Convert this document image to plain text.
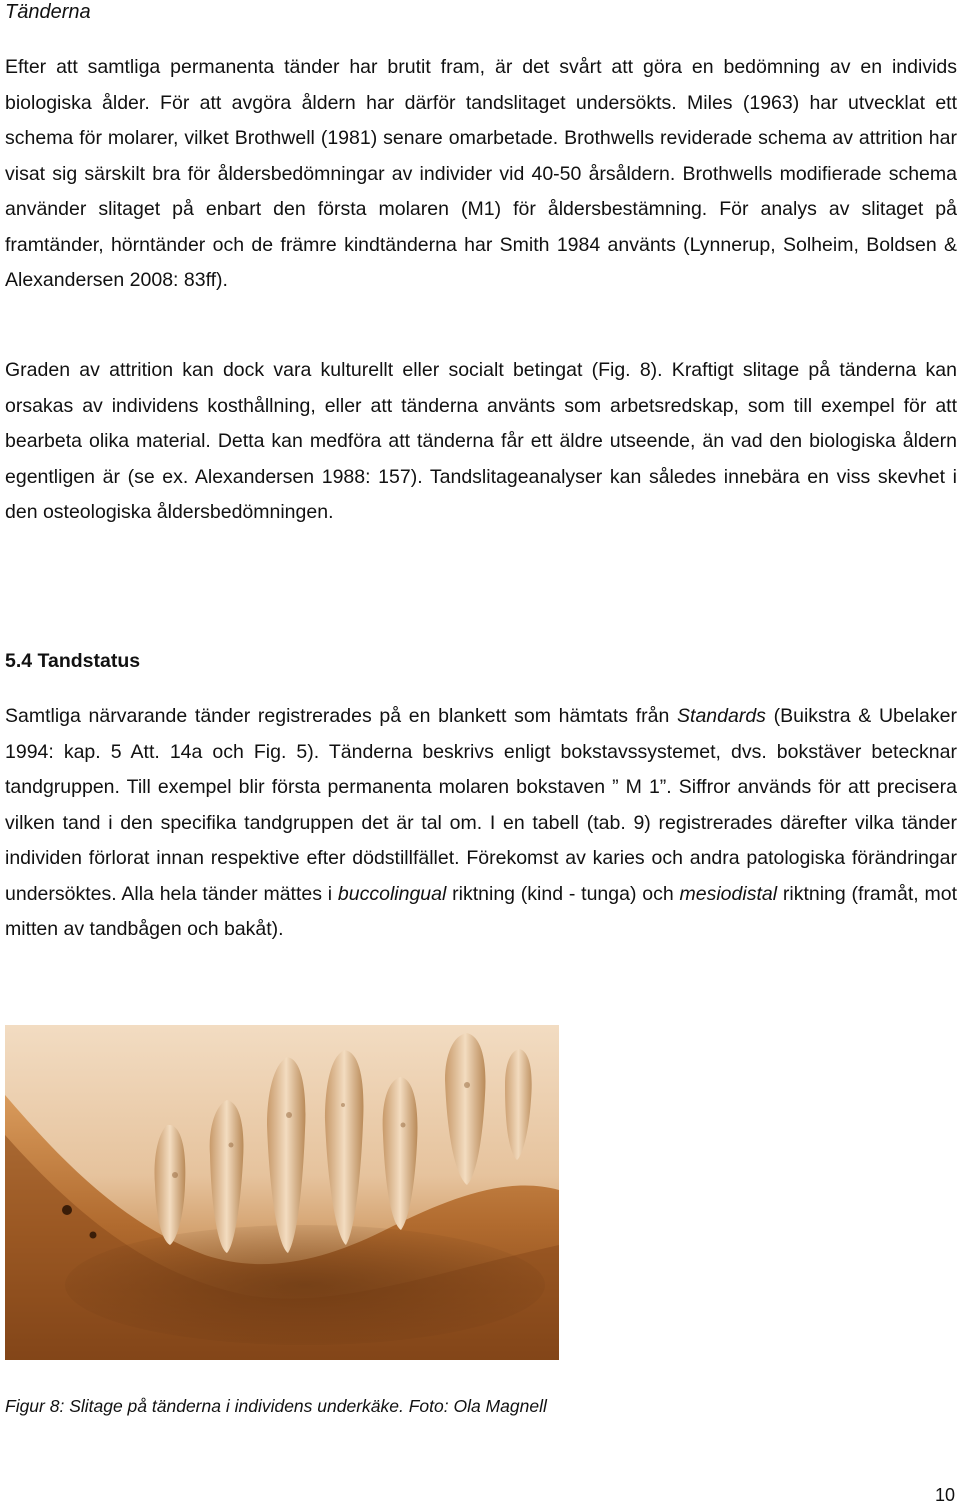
Tänderna

Efter att samtliga permanenta tänder har brutit fram, är det svårt att göra en bedömning av en individs biologiska ålder. För att avgöra åldern har därför tandslitaget undersökts. Miles (1963) har utvecklat ett schema för molarer, vilket Brothwell (1981) senare omarbetade. Brothwells reviderade schema av attrition har visat sig särskilt bra för åldersbedömningar av individer vid 40-50 årsåldern. Brothwells modifierade schema använder slitaget på enbart den första molaren (M1) för åldersbestämning. För analys av slitaget på framtänder, hörntänder och de främre kindtänderna har Smith 1984 använts (Lynnerup, Solheim, Boldsen & Alexandersen 2008: 83ff).

Graden av attrition kan dock vara kulturellt eller socialt betingat (Fig. 8). Kraftigt slitage på tänderna kan orsakas av individens kosthållning, eller att tänderna använts som arbetsredskap, som till exempel för att bearbeta olika material. Detta kan medföra att tänderna får ett äldre utseende, än vad den biologiska åldern egentligen är (se ex. Alexandersen 1988: 157). Tandslitageanalyser kan således innebära en viss skevhet i den osteologiska åldersbedömningen.

5.4 Tandstatus

Samtliga närvarande tänder registrerades på en blankett som hämtats från Standards (Buikstra & Ubelaker 1994: kap. 5 Att. 14a och Fig. 5). Tänderna beskrivs enligt bokstavssystemet, dvs. bokstäver betecknar tandgruppen. Till exempel blir första permanenta molaren bokstaven ” M 1”. Siffror används för att precisera vilken tand i den specifika tandgruppen det är tal om. I en tabell (tab. 9) registrerades därefter vilka tänder individen förlorat innan respektive efter dödstillfället. Förekomst av karies och andra patologiska förändringar undersöktes. Alla hela tänder mättes i buccolingual riktning (kind - tunga) och mesiodistal riktning (framåt, mot mitten av tandbågen och bakåt).

Figur 8: Slitage på tänderna i individens underkäke. Foto: Ola Magnell

10
